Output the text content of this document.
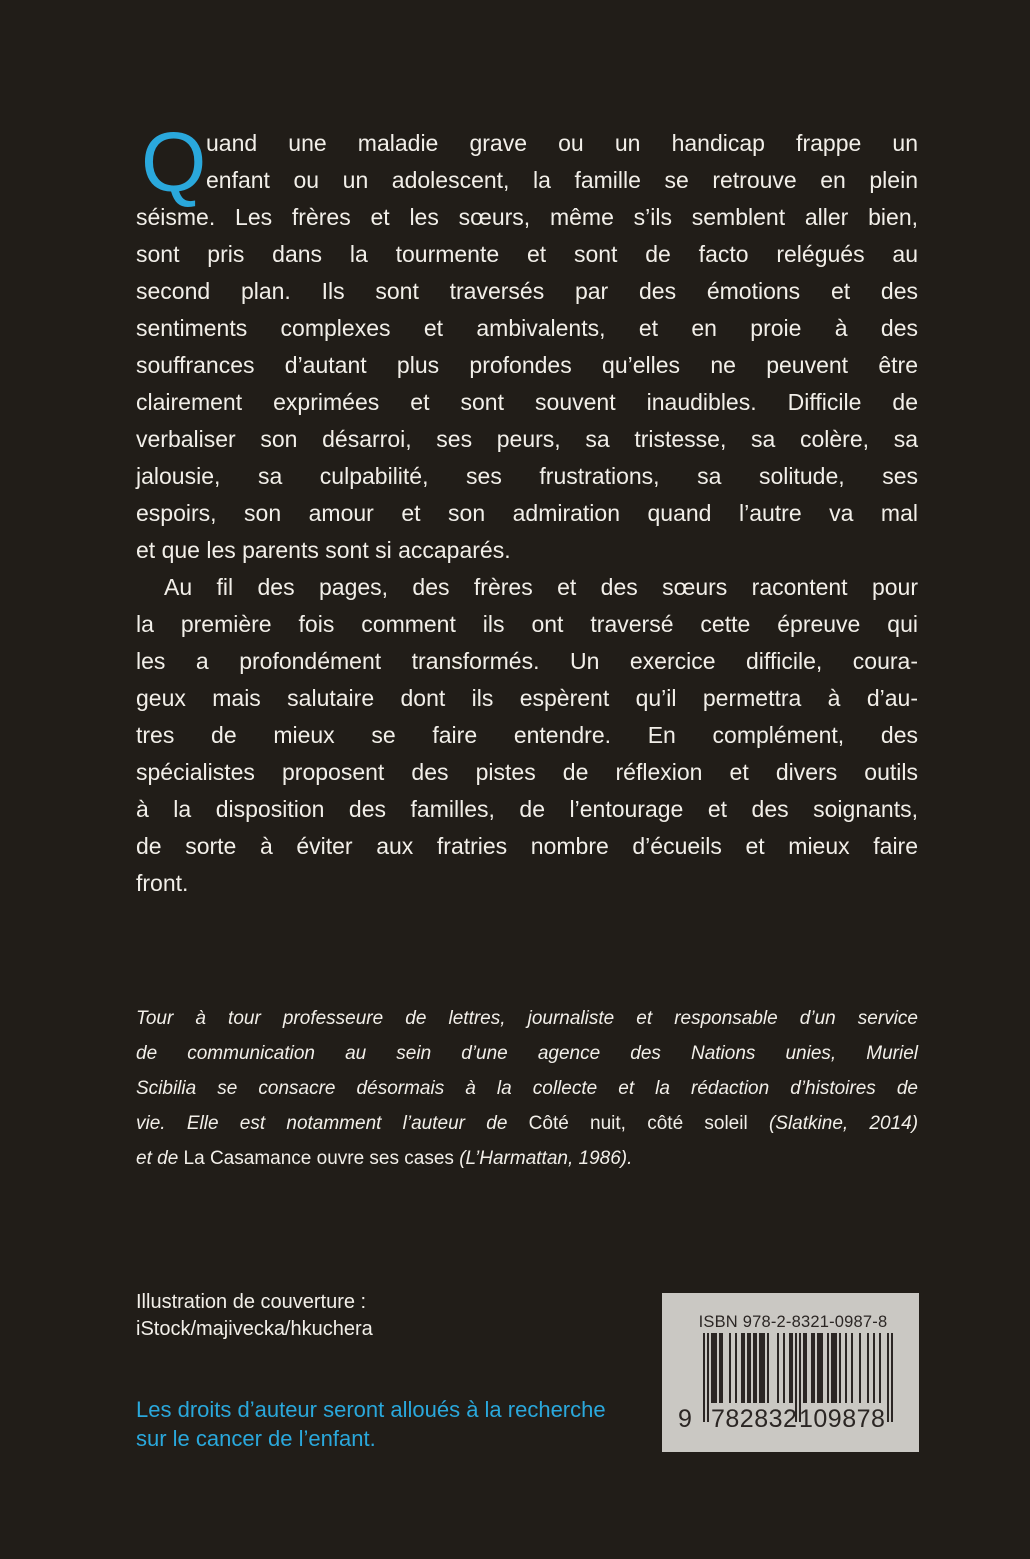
Q uand une maladie grave ou un handicap frappe un
enfant ou un adolescent, la famille se retrouve en plein
séisme. Les frères et les sœurs, même s’ils semblent aller bien,
sont pris dans la tourmente et sont de facto relégués au
second plan. Ils sont traversés par des émotions et des
sentiments complexes et ambivalents, et en proie à des
souffrances d’autant plus profondes qu’elles ne peuvent être
clairement exprimées et sont souvent inaudibles. Difficile de
verbaliser son désarroi, ses peurs, sa tristesse, sa colère, sa
jalousie, sa culpabilité, ses frustrations, sa solitude, ses
espoirs, son amour et son admiration quand l’autre va mal
et que les parents sont si accaparés.
Au fil des pages, des frères et des sœurs racontent pour
la première fois comment ils ont traversé cette épreuve qui
les a profondément transformés. Un exercice difficile, coura-
geux mais salutaire dont ils espèrent qu’il permettra à d’au-
tres de mieux se faire entendre. En complément, des
spécialistes proposent des pistes de réflexion et divers outils
à la disposition des familles, de l’entourage et des soignants,
de sorte à éviter aux fratries nombre d’écueils et mieux faire
front.
Tour à tour professeure de lettres, journaliste et responsable d’un service
de communication au sein d’une agence des Nations unies, Muriel
Scibilia se consacre désormais à la collecte et la rédaction d’histoires de
vie. Elle est notamment l’auteur de Côté nuit, côté soleil (Slatkine, 2014)
et de La Casamance ouvre ses cases (L’Harmattan, 1986).
Illustration de couverture :
iStock/majivecka/hkuchera
Les droits d’auteur seront alloués à la recherche
sur le cancer de l’enfant.
ISBN 978-2-8321-0987-8
9 782832 109878
